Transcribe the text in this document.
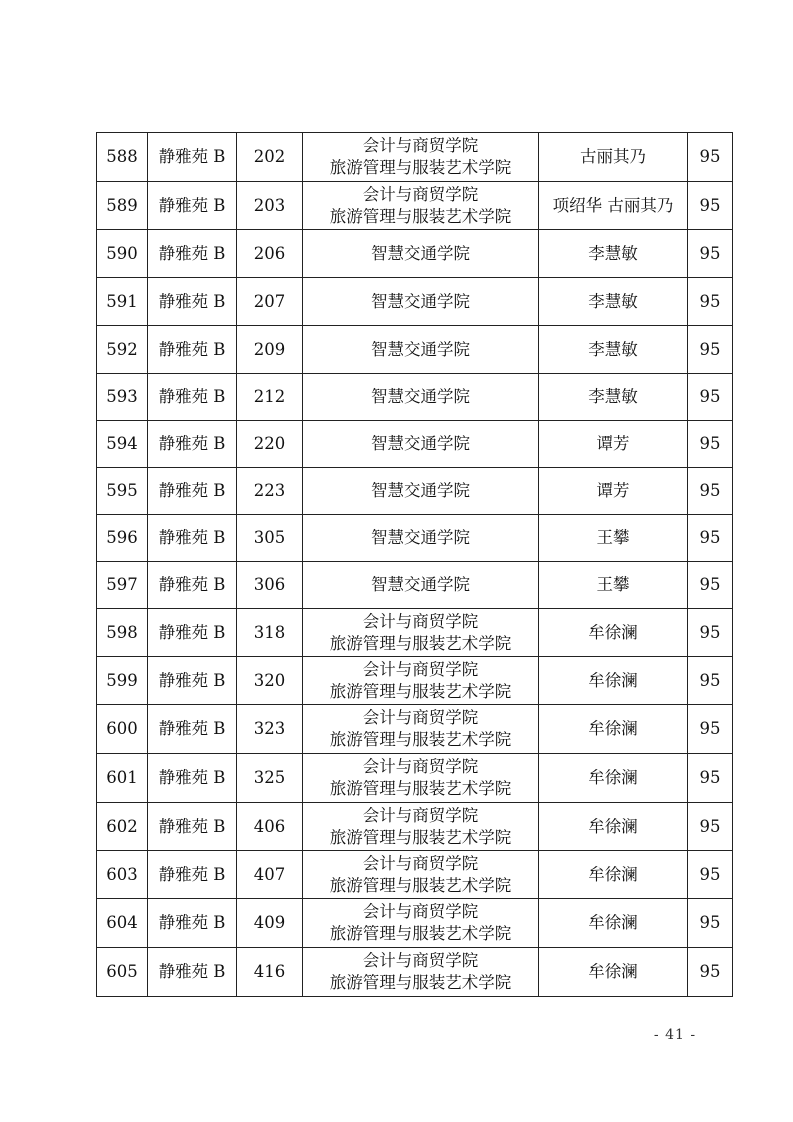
588	静雅苑 B	202	会计与商贸学院
旅游管理与服装艺术学院	古丽其乃	95
589	静雅苑 B	203	会计与商贸学院
旅游管理与服装艺术学院	项绍华 古丽其乃	95
590	静雅苑 B	206	智慧交通学院	李慧敏	95
591	静雅苑 B	207	智慧交通学院	李慧敏	95
592	静雅苑 B	209	智慧交通学院	李慧敏	95
593	静雅苑 B	212	智慧交通学院	李慧敏	95
594	静雅苑 B	220	智慧交通学院	谭芳	95
595	静雅苑 B	223	智慧交通学院	谭芳	95
596	静雅苑 B	305	智慧交通学院	王攀	95
597	静雅苑 B	306	智慧交通学院	王攀	95
598	静雅苑 B	318	会计与商贸学院
旅游管理与服装艺术学院	牟徐澜	95
599	静雅苑 B	320	会计与商贸学院
旅游管理与服装艺术学院	牟徐澜	95
600	静雅苑 B	323	会计与商贸学院
旅游管理与服装艺术学院	牟徐澜	95
601	静雅苑 B	325	会计与商贸学院
旅游管理与服装艺术学院	牟徐澜	95
602	静雅苑 B	406	会计与商贸学院
旅游管理与服装艺术学院	牟徐澜	95
603	静雅苑 B	407	会计与商贸学院
旅游管理与服装艺术学院	牟徐澜	95
604	静雅苑 B	409	会计与商贸学院
旅游管理与服装艺术学院	牟徐澜	95
605	静雅苑 B	416	会计与商贸学院
旅游管理与服装艺术学院	牟徐澜	95
- 41 -
